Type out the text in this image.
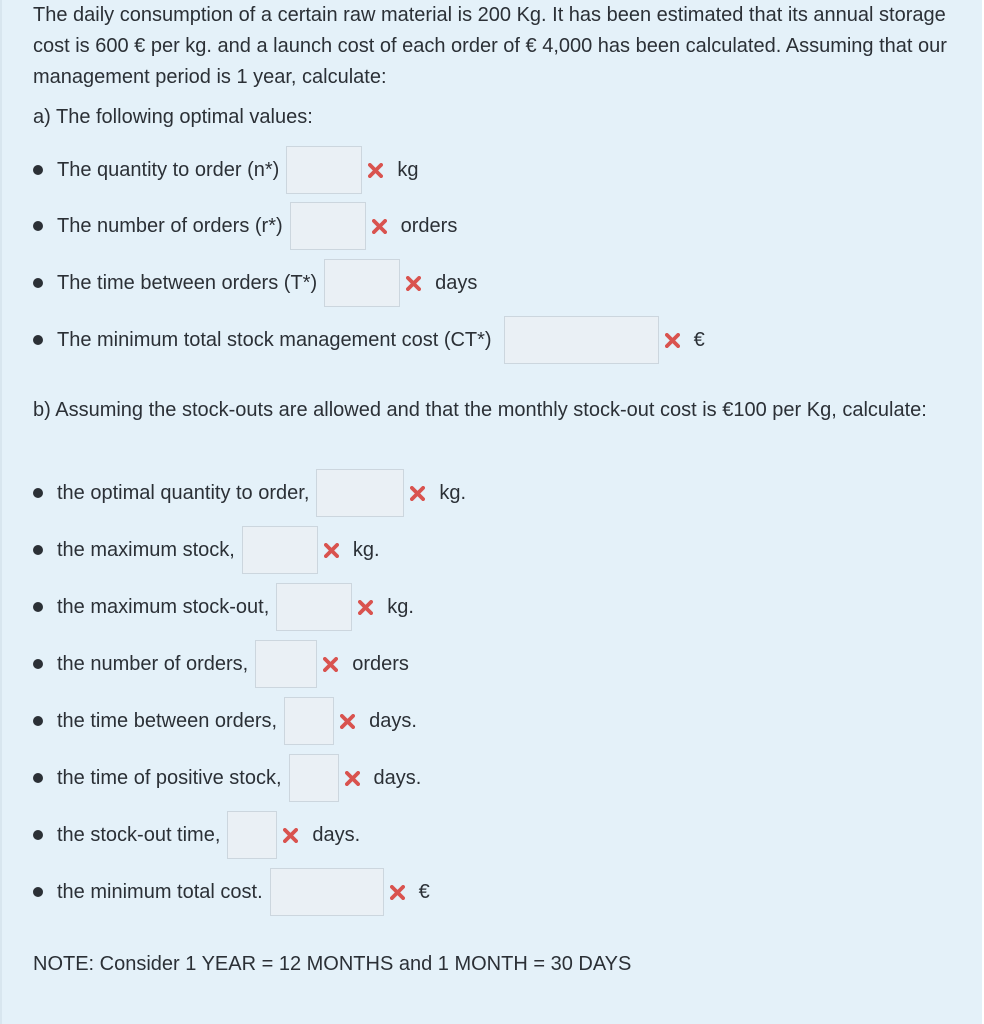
The daily consumption of a certain raw material is 200 Kg. It has been estimated that its annual storage cost is 600 € per kg. and a launch cost of each order of € 4,000 has been calculated. Assuming that our management period is 1 year, calculate:

a) The following optimal values:

The quantity to order (n*)	kg
The number of orders (r*)	orders
The time between orders (T*)	days
The minimum total stock management cost (CT*)	€

b) Assuming the stock-outs are allowed and that the monthly stock-out cost is €100 per Kg, calculate:

the optimal quantity to order,	kg.
the maximum stock,	kg.
the maximum stock-out,	kg.
the number of orders,	orders
the time between orders,	days.
the time of positive stock,	days.
the stock-out time,	days.
the minimum total cost.	€

NOTE: Consider 1 YEAR = 12 MONTHS and 1 MONTH = 30 DAYS
